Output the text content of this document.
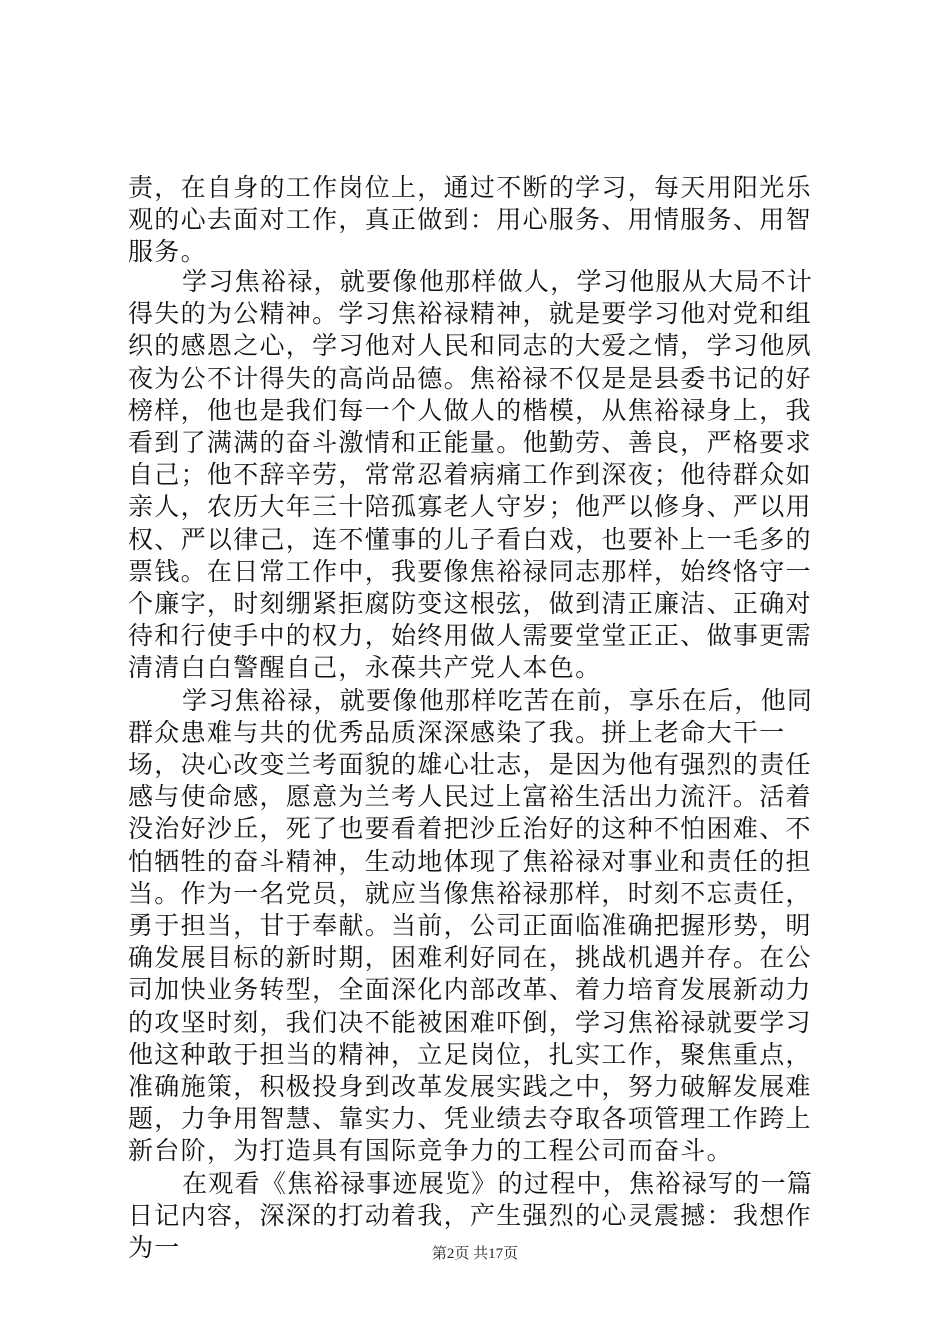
责，在自身的工作岗位上，通过不断的学习，每天用阳光乐观的心去面对工作，真正做到：用心服务、用情服务、用智服务。

学习焦裕禄，就要像他那样做人，学习他服从大局不计得失的为公精神。学习焦裕禄精神，就是要学习他对党和组织的感恩之心，学习他对人民和同志的大爱之情，学习他夙夜为公不计得失的高尚品德。焦裕禄不仅是是县委书记的好榜样，他也是我们每一个人做人的楷模，从焦裕禄身上，我看到了满满的奋斗激情和正能量。他勤劳、善良，严格要求自己；他不辞辛劳，常常忍着病痛工作到深夜；他待群众如亲人，农历大年三十陪孤寡老人守岁；他严以修身、严以用权、严以律己，连不懂事的儿子看白戏，也要补上一毛多的票钱。在日常工作中，我要像焦裕禄同志那样，始终恪守一个廉字，时刻绷紧拒腐防变这根弦，做到清正廉洁、正确对待和行使手中的权力，始终用做人需要堂堂正正、做事更需清清白白警醒自己，永葆共产党人本色。

学习焦裕禄，就要像他那样吃苦在前，享乐在后，他同群众患难与共的优秀品质深深感染了我。拼上老命大干一场，决心改变兰考面貌的雄心壮志，是因为他有强烈的责任感与使命感，愿意为兰考人民过上富裕生活出力流汗。活着没治好沙丘，死了也要看着把沙丘治好的这种不怕困难、不怕牺牲的奋斗精神，生动地体现了焦裕禄对事业和责任的担当。作为一名党员，就应当像焦裕禄那样，时刻不忘责任，勇于担当，甘于奉献。当前，公司正面临准确把握形势，明确发展目标的新时期，困难利好同在，挑战机遇并存。在公司加快业务转型，全面深化内部改革、着力培育发展新动力的攻坚时刻，我们决不能被困难吓倒，学习焦裕禄就要学习他这种敢于担当的精神，立足岗位，扎实工作，聚焦重点，准确施策，积极投身到改革发展实践之中，努力破解发展难题，力争用智慧、靠实力、凭业绩去夺取各项管理工作跨上新台阶，为打造具有国际竞争力的工程公司而奋斗。

在观看《焦裕禄事迹展览》的过程中，焦裕禄写的一篇日记内容，深深的打动着我，产生强烈的心灵震撼：我想作为一	第2页 共17页
